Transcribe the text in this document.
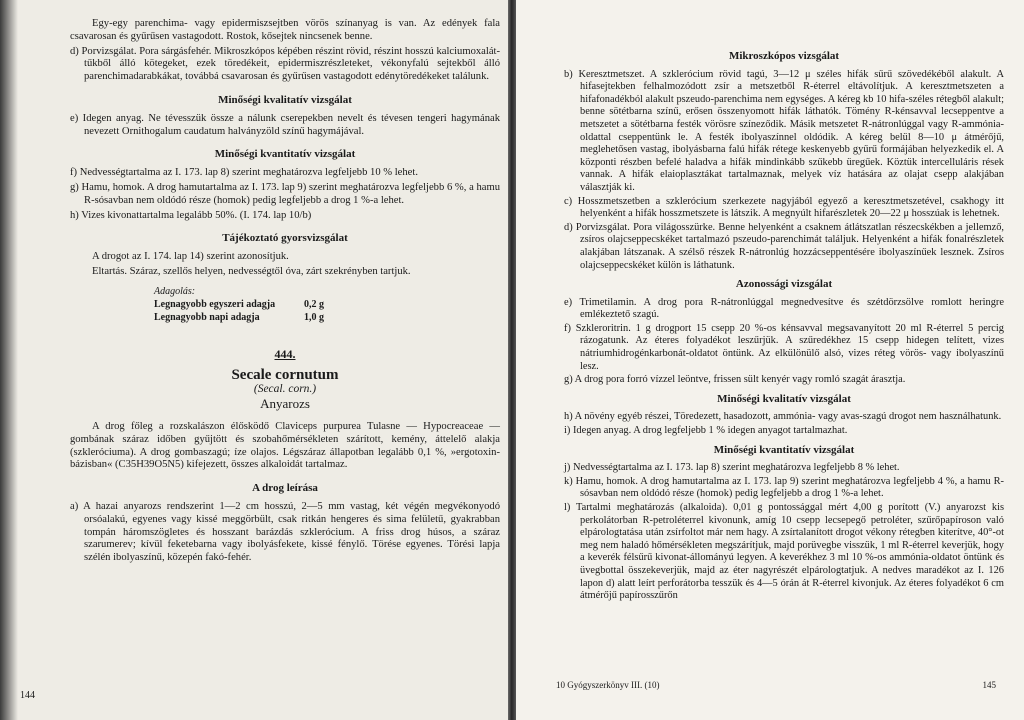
Egy-egy parenchima- vagy epidermiszsejtben vörös színanyag is van. Az edények fala csavarosan és gyűrűsen vastagodott. Rostok, kősejtek nincsenek benne.

d) Porvizsgálat. Pora sárgásfehér. Mikroszkópos képében részint rövid, részint hosszú kalciumoxalát-tűkből álló kötegeket, ezek töredékeit, epidermiszrészleteket, vékonyfalú sejtekből álló parenchimadarabkákat, továbbá csavarosan és gyűrűsen vastagodott edénytöredékeket találunk.

Minőségi kvalitatív vizsgálat

e) Idegen anyag. Ne tévesszük össze a nálunk cserepekben nevelt és tévesen tengeri hagymának nevezett Ornithogalum caudatum halványzöld színű hagymájával.

Minőségi kvantitatív vizsgálat

f) Nedvességtartalma az I. 173. lap 8) szerint meghatározva legfeljebb 10 % lehet.

g) Hamu, homok. A drog hamutartalma az I. 173. lap 9) szerint meghatározva legfeljebb 6 %, a hamu R-sósavban nem oldódó része (homok) pedig legfeljebb a drog 1 %-a lehet.

h) Vizes kivonattartalma legalább 50%. (I. 174. lap 10/b)

Tájékoztató gyorsvizsgálat

A drogot az I. 174. lap 14) szerint azonosítjuk.

Eltartás. Száraz, szellős helyen, nedvességtől óva, zárt szekrényben tartjuk.

Adagolás:
Legnagyobb egyszeri adagja	0,2 g
Legnagyobb napi adagja	1,0 g
444.
Secale cornutum
(Secal. corn.)
Anyarozs

A drog főleg a rozskalászon élősködő Claviceps purpurea Tulasne — Hypocreaceae — gombának száraz időben gyűjtött és szobahőmérsékleten szárított, kemény, áttelelő alakja (szkleróciuma). A drog gombaszagú; íze olajos. Légszáraz állapotban legalább 0,1 %, »ergotoxin-bázisban« (C35H39O5N5) kifejezett, összes alkaloidát tartalmaz.

A drog leírása

a) A hazai anyarozs rendszerint 1—2 cm hosszú, 2—5 mm vastag, két végén megvékonyodó orsóalakú, egyenes vagy kissé meggörbült, csak ritkán hengeres és sima felületű, gyakrabban tompán háromszögletes és hosszant barázdás szklerócium. A friss drog húsos, a száraz szarumerev; kívül feketebarna vagy ibolyásfekete, kissé fénylő. Törése egyenes. Törési lapja szélén ibolyaszínű, közepén fakó-fehér.

144
Mikroszkópos vizsgálat

b) Keresztmetszet. A szklerócium rövid tagú, 3—12 μ széles hifák sűrű szövedékéből alakult. A hifasejtekben felhalmozódott zsír a metszetből R-éterrel eltávolítjuk. A keresztmetszeten a hifafonadékból alakult pszeudo-parenchima nem egységes. A kéreg kb 10 hifa-széles rétegből alakult; benne sötétbarna színű, erősen összenyomott hifák láthatók. Tömény R-kénsavval lecseppentve a metszetet a sötétbarna festék vörösre színeződik. Másik metszetet R-nátronlúggal vagy R-ammónia-oldattal cseppentünk le. A festék ibolyaszínnel oldódik. A kéreg belül 8—10 μ átmérőjű, meglehetősen vastag, ibolyásbarna falú hifák rétege keskenyebb gyűrű formájában helyezkedik el. A központi részben befelé haladva a hifák mindinkább szűkebb üregűek. Köztük intercelluláris rések vannak. A hifák elaioplasztákat tartalmaznak, melyek víz hatására az olajat csepp alakjában választják ki.

c) Hosszmetszetben a szklerócium szerkezete nagyjából egyező a keresztmetszetével, csakhogy itt helyenként a hifák hosszmetszete is látszik. A megnyúlt hifarészletek 20—22 μ hosszúak is lehetnek.

d) Porvizsgálat. Pora világosszürke. Benne helyenként a csaknem átlátszatlan részecskékben a jellemző, zsíros olajcseppecskéket tartalmazó pszeudo-parenchimát találjuk. Helyenként a hifák fonalrészletek alakjában látszanak. A szélső részek R-nátronlúg hozzácseppentésére ibolyaszínűek lesznek. Zsíros olajcseppecskéket külön is láthatunk.

Azonossági vizsgálat

e) Trimetilamin. A drog pora R-nátronlúggal megnedvesítve és szétdörzsölve romlott heringre emlékeztető szagú.

f) Szkleroritrin. 1 g drogport 15 csepp 20 %-os kénsavval megsavanyított 20 ml R-éterrel 5 percig rázogatunk. Az éteres folyadékot leszűrjük. A szűredékhez 15 csepp hidegen telített, vizes nátriumhidrogénkarbonát-oldatot öntünk. Az elkülönülő alsó, vizes réteg vörös- vagy ibolyaszínű lesz.

g) A drog pora forró vízzel leöntve, frissen sült kenyér vagy romló szagát árasztja.

Minőségi kvalitatív vizsgálat

h) A növény egyéb részei, Töredezett, hasadozott, ammónia- vagy avas-szagú drogot nem használhatunk.

i) Idegen anyag. A drog legfeljebb 1 % idegen anyagot tartalmazhat.

Minőségi kvantitatív vizsgálat

j) Nedvességtartalma az I. 173. lap 8) szerint meghatározva legfeljebb 8 % lehet.

k) Hamu, homok. A drog hamutartalma az I. 173. lap 9) szerint meghatározva legfeljebb 4 %, a hamu R-sósavban nem oldódó része (homok) pedig legfeljebb a drog 1 %-a lehet.

l) Tartalmi meghatározás (alkaloida). 0,01 g pontossággal mért 4,00 g porított (V.) anyarozst kis perkolátorban R-petroléterrel kivonunk, amíg 10 csepp lecsepegő petroléter, szűrőpapíroson való elpárologtatása után zsírfoltot már nem hagy. A zsírtalanított drogot vékony rétegben kiterítve, 40°-ot meg nem haladó hőmérsékleten megszárítjuk, majd porüvegbe visszük, 1 ml R-éterrel keverjük, hogy a keverék félsűrű kivonat-állományú legyen. A keverékhez 3 ml 10 %-os ammónia-oldatot öntünk és üvegbottal összekeverjük, majd az éter nagyrészét elpárologtatjuk. A nedves maradékot az I. 126 lapon d) alatt leírt perforátorba tesszük és 4—5 órán át R-éterrel kivonjuk. Az éteres folyadékot 6 cm átmérőjű papírosszűrőn

10 Gyógyszerkönyv III. (10)	145
